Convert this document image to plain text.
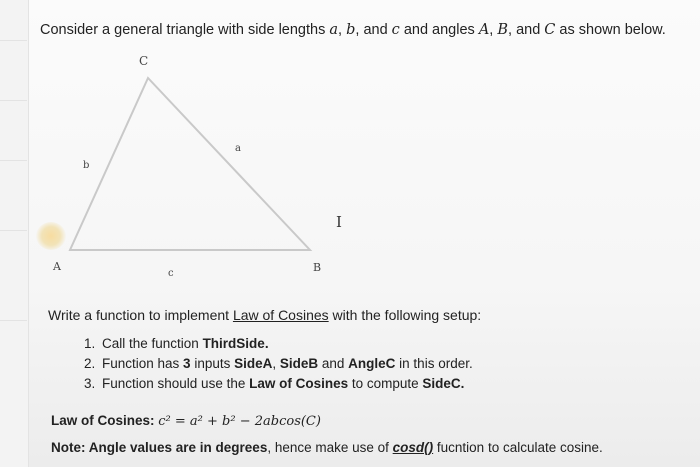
Consider a general triangle with side lengths a, b, and c and angles A, B, and C as shown below.
C
A	B
b
a
c
I
Write a function to implement Law of Cosines with the following setup:
1. Call the function ThirdSide.
2. Function has 3 inputs SideA, SideB and AngleC in this order.
3. Function should use the Law of Cosines to compute SideC.
Law of Cosines: c² = a² + b² − 2abcos(C)
Note: Angle values are in degrees, hence make use of cosd() fucntion to calculate cosine.
